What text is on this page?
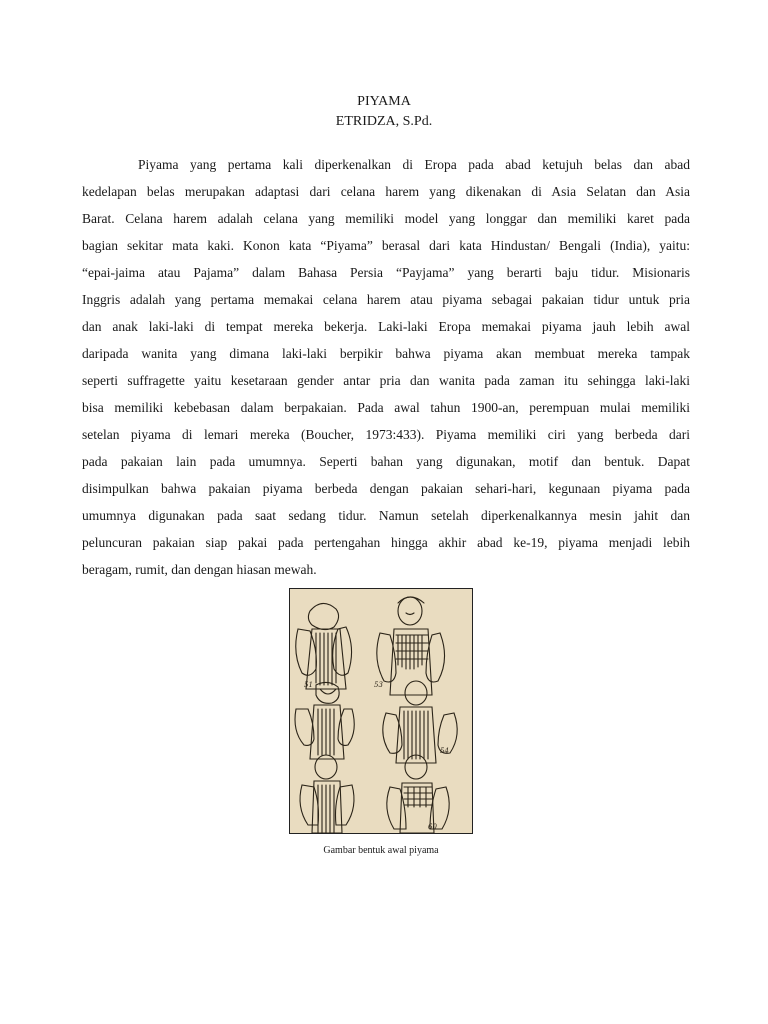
PIYAMA
ETRIDZA, S.Pd.
Piyama yang pertama kali diperkenalkan di Eropa pada abad ketujuh belas dan abad
kedelapan belas merupakan adaptasi dari celana harem yang dikenakan di Asia Selatan dan Asia
Barat. Celana harem adalah celana yang memiliki model yang longgar dan memiliki karet pada
bagian sekitar mata kaki. Konon kata “Piyama” berasal dari kata Hindustan/ Bengali (India), yaitu:
“epai-jaima atau Pajama” dalam Bahasa Persia “Payjama” yang berarti baju tidur. Misionaris
Inggris adalah yang pertama memakai celana harem atau piyama sebagai pakaian tidur untuk pria
dan anak laki-laki di tempat mereka bekerja. Laki-laki Eropa memakai piyama jauh lebih awal
daripada wanita yang dimana laki-laki berpikir bahwa piyama akan membuat mereka tampak
seperti suffragette yaitu kesetaraan gender antar pria dan wanita pada zaman itu sehingga laki-laki
bisa memiliki kebebasan dalam berpakaian. Pada awal tahun 1900-an, perempuan mulai memiliki
setelan piyama di lemari mereka (Boucher, 1973:433). Piyama memiliki ciri yang berbeda dari
pada pakaian lain pada umumnya. Seperti bahan yang digunakan, motif dan bentuk. Dapat
disimpulkan bahwa pakaian piyama berbeda dengan pakaian sehari-hari, kegunaan piyama pada
umumnya digunakan pada saat sedang tidur. Namun setelah diperkenalkannya mesin jahit dan
peluncuran pakaian siap pakai pada pertengahan hingga akhir abad ke-19, piyama menjadi lebih
beragam, rumit, dan dengan hiasan mewah.
51	53
54
60
Gambar bentuk awal piyama
